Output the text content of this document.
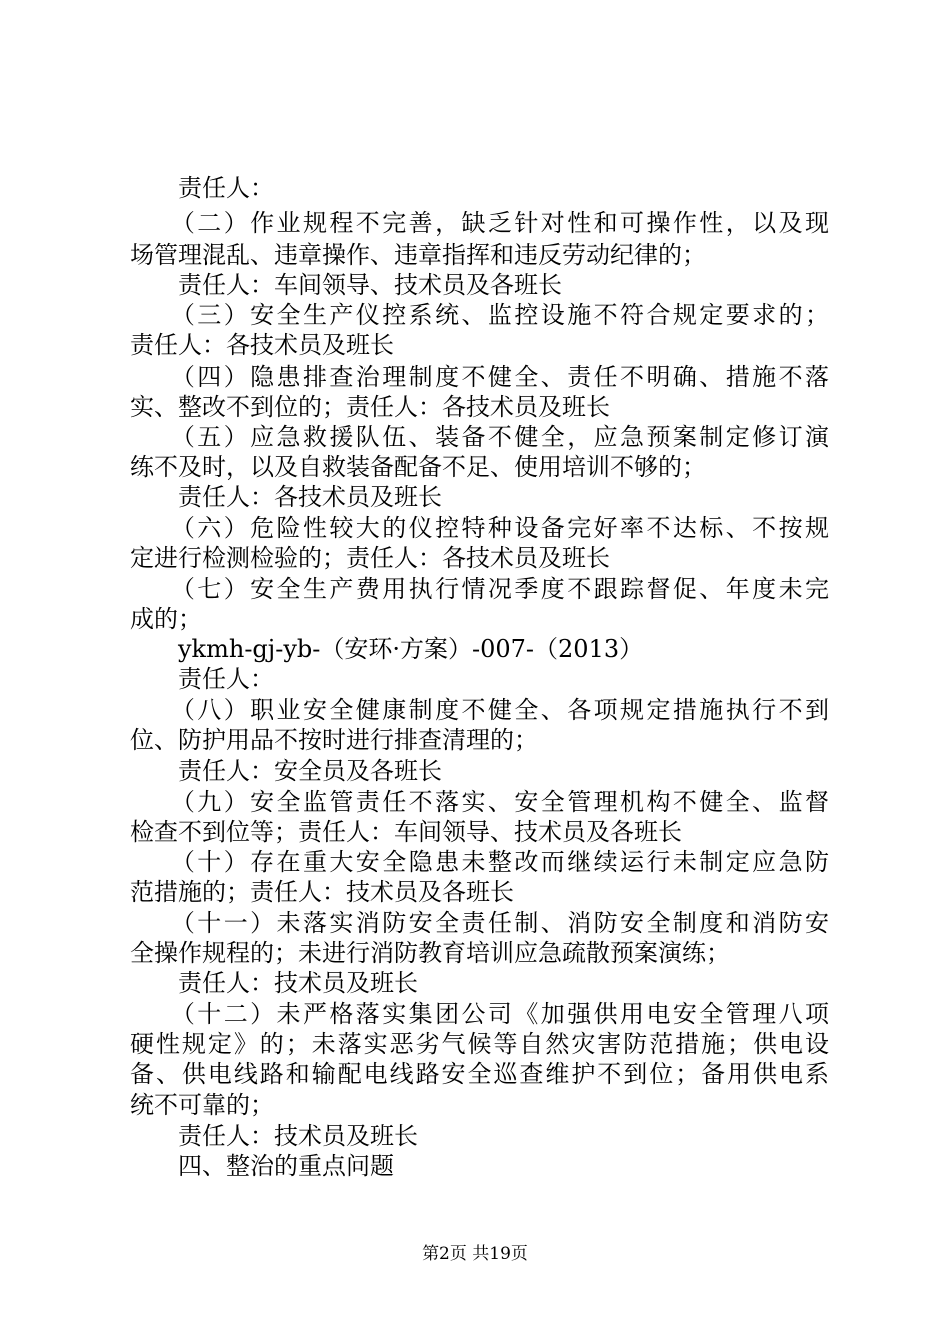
　　责任人：
　　（二）作业规程不完善，缺乏针对性和可操作性，以及现
场管理混乱、违章操作、违章指挥和违反劳动纪律的；
　　责任人：车间领导、技术员及各班长
　　（三）安全生产仪控系统、监控设施不符合规定要求的；
责任人：各技术员及班长
　　（四）隐患排查治理制度不健全、责任不明确、措施不落
实、整改不到位的；责任人：各技术员及班长
　　（五）应急救援队伍、装备不健全，应急预案制定修订演
练不及时，以及自救装备配备不足、使用培训不够的；
　　责任人：各技术员及班长
　　（六）危险性较大的仪控特种设备完好率不达标、不按规
定进行检测检验的；责任人：各技术员及班长
　　（七）安全生产费用执行情况季度不跟踪督促、年度未完
成的；
　　ykmh-gj-yb-（安环·方案）-007-（2013）
　　责任人：
　　（八）职业安全健康制度不健全、各项规定措施执行不到
位、防护用品不按时进行排查清理的；
　　责任人：安全员及各班长
　　（九）安全监管责任不落实、安全管理机构不健全、监督
检查不到位等；责任人：车间领导、技术员及各班长
　　（十）存在重大安全隐患未整改而继续运行未制定应急防
范措施的；责任人：技术员及各班长
　　（十一）未落实消防安全责任制、消防安全制度和消防安
全操作规程的；未进行消防教育培训应急疏散预案演练；
　　责任人：技术员及班长
　　（十二）未严格落实集团公司《加强供用电安全管理八项
硬性规定》的；未落实恶劣气候等自然灾害防范措施；供电设
备、供电线路和输配电线路安全巡查维护不到位；备用供电系
统不可靠的；
　　责任人：技术员及班长
　　四、整治的重点问题
第2页 共19页
